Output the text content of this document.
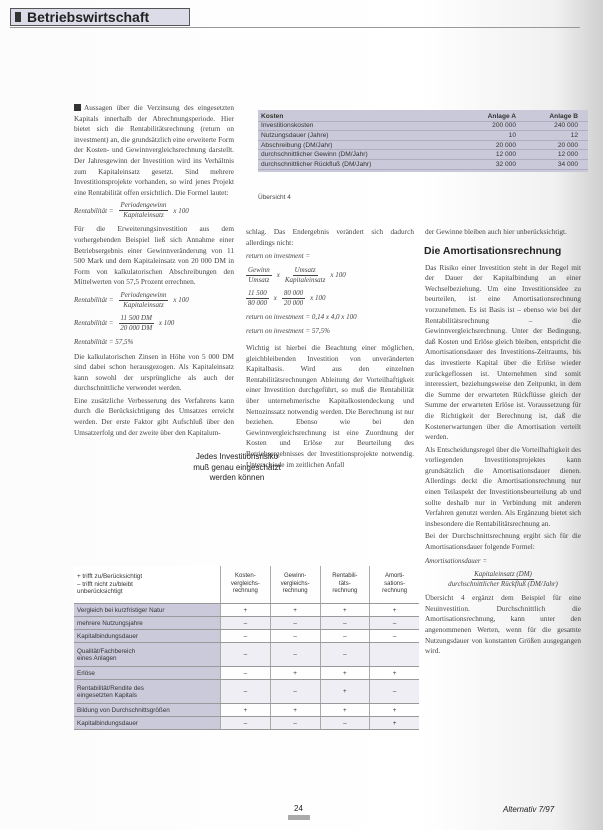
Betriebswirtschaft

Aussagen über die Verzinsung des eingesetzten Kapitals innerhalb der Abrechnungsperiode. Hier bietet sich die Rentabilitätsrechnung (return on investment) an, die grundsätzlich eine erweiterte Form der Kosten- und Gewinnvergleichsrechnung darstellt. Der Jahresgewinn der Investition wird ins Verhältnis zum Kapitaleinsatz gesetzt. Sind mehrere Investitionsprojekte vorhanden, so wird jenes Projekt eine Rentabilität offen ersichtlich. Die Formel lautet:

Rentabilität = $\frac{\text{Periodengewinn}}{\text{Kapitaleinsatz}}$ x 100

Für die Erweiterungsinvestition aus dem vorhergehenden Beispiel ließ sich Annahme einer Betriebsergebnis einer Gewinnveränderung von 11 500 Mark und dem Kapitaleinsatz von 20 000 DM in Form von kalkulatorischen Abschreibungen den Mittelwerten von 57,5 Prozent errechnen.

Rentabilität = $\frac{\text{Periodengewinn}}{\text{Kapitaleinsatz}}$ x 100
Rentabilität = $\frac{11 500 DM}{20 000 DM}$ x 100
Rentabilität = 57,5%

Die kalkulatorischen Zinsen in Höhe von 5 000 DM sind dabei schon herausgezogen. Als Kapitaleinsatz kann sowohl der ursprüngliche als auch der durchschnittliche verwendet werden.

Eine zusätzliche Verbesserung des Verfahrens kann durch die Berücksichtigung des Umsatzes erreicht werden. Der erste Faktor gibt Aufschluß über den Umsatzerfolg und der zweite über den Kapitalum-

Kosten	Anlage A	Anlage B
Investitionskosten	200 000	240 000
Nutzungsdauer (Jahre)	10	12
Abschreibung (DM/Jahr)	20 000	20 000
durchschnittlicher Gewinn (DM/Jahr)	12 000	12 000
durchschnittlicher Rückfluß (DM/Jahr)	32 000	34 000
Übersicht 4

schlag. Das Endergebnis verändert sich dadurch allerdings nicht:

return on investment =
$\frac{\text{Gewinn}}{\text{Umsatz}}$ x $\frac{\text{Umsatz}}{\text{Kapitaleinsatz}}$ x 100
$\frac{11 500}{80 000}$ x $\frac{80 000}{20 000}$ x 100
return on investment = 0,14 x 4,0 x 100
return on investment = 57,5%

Wichtig ist hierbei die Beachtung einer möglichen, gleichbleibenden Investition von unveränderten Kapitalbasis. Wird aus den einzelnen Rentabilitätsrechnungen Ableitung der Vorteilhaftigkeit einer Investition durchgeführt, so muß die Rentabilität über unternehmerische Kapitalkostendeckung und Nettozinssatz notwendig werden. Die Berechnung ist nur beziehen. Ebenso wie bei den Gewinnvergleichsrechnung ist eine Zuordnung der Kosten und Erlöse zur Beurteilung des Betriebsergebnisses der Investitionsprojekte notwendig. Unterschiede im zeitlichen Anfall

Jedes Investitionsrisiko
muß genau eingeschätzt
werden können

der Gewinne bleiben auch hier unberücksichtigt.

Die Amortisationsrechnung

Das Risiko einer Investition steht in der Regel mit der Dauer der Kapitalbindung an einer Wechselbeziehung. Um eine Investitionsidee zu beurteilen, ist eine Amortisationsrechnung vorzunehmen. Es ist Basis ist – ebenso wie bei der Rentabilitätsrechnung – die Gewinnvergleichsrechnung. Unter der Bedingung, daß Kosten und Erlöse gleich bleiben, entspricht die Amortisationsdauer des Investitions-Zeitraums, bis das investierte Kapital über die Erlöse wieder zurückgeflossen ist. Unternehmen sind somit interessiert, beziehungsweise den Zeitpunkt, in dem die Summe der erwarteten Rückflüsse gleich der Summe der erwarteten Erlöse ist. Voraussetzung für die Richtigkeit der Berechnung ist, daß die Kostenerwartungen über die Amortisation verteilt werden.

Als Entscheidungsregel über die Vorteilhaftigkeit des vorliegenden Investitionsprojektes kann grundsätzlich die Amortisationsdauer dienen. Allerdings deckt die Amortisationsrechnung nur einen Teilaspekt der Investitionsbeurteilung ab und sollte deshalb nur in Verbindung mit anderen Verfahren genutzt werden. Als Ergänzung bietet sich insbesondere die Rentabilitätsrechnung an.

Bei der Durchschnittsrechnung ergibt sich für die Amortisationsdauer folgende Formel:

Amortisationsdauer =
$\frac{\text{Kapitaleinsatz (DM)}}{\text{durchschnittlicher Rückfluß (DM/Jahr)}}$

Übersicht 4 ergänzt dem Beispiel für eine Neuinvestition. Durchschnittlich die Amortisationsrechnung, kann unter den angenommenen Werten, wenn für die gesamte Nutzungsdauer von konstanten Größen ausgegangen wird.

+ trifft zu/Berücksichtigt
– trifft nicht zu/bleibt
unberücksichtigt
Kosten-
vergleichs-
rechnung
Gewinn-
vergleichs-
rechnung
Rentabili-
täts-
rechnung
Amorti-
sations-
rechnung
Vergleich bei kurzfristiger Natur	+	+	+	+
mehrere Nutzungsjahre	–	–	–	–
Kapitalbindungsdauer	–	–	–	–
Qualität/Fachbereich
eines Anlagen	–	–	–
Erlöse	–	+	+	+
Rentabilität/Rendite des
eingesetzten Kapitals	–	–	+	–
Bildung von Durchschnittsgrößen	+	+	+	+
Kapitalbindungsdauer	–	–	–	+
24	Alternativ 7/97
